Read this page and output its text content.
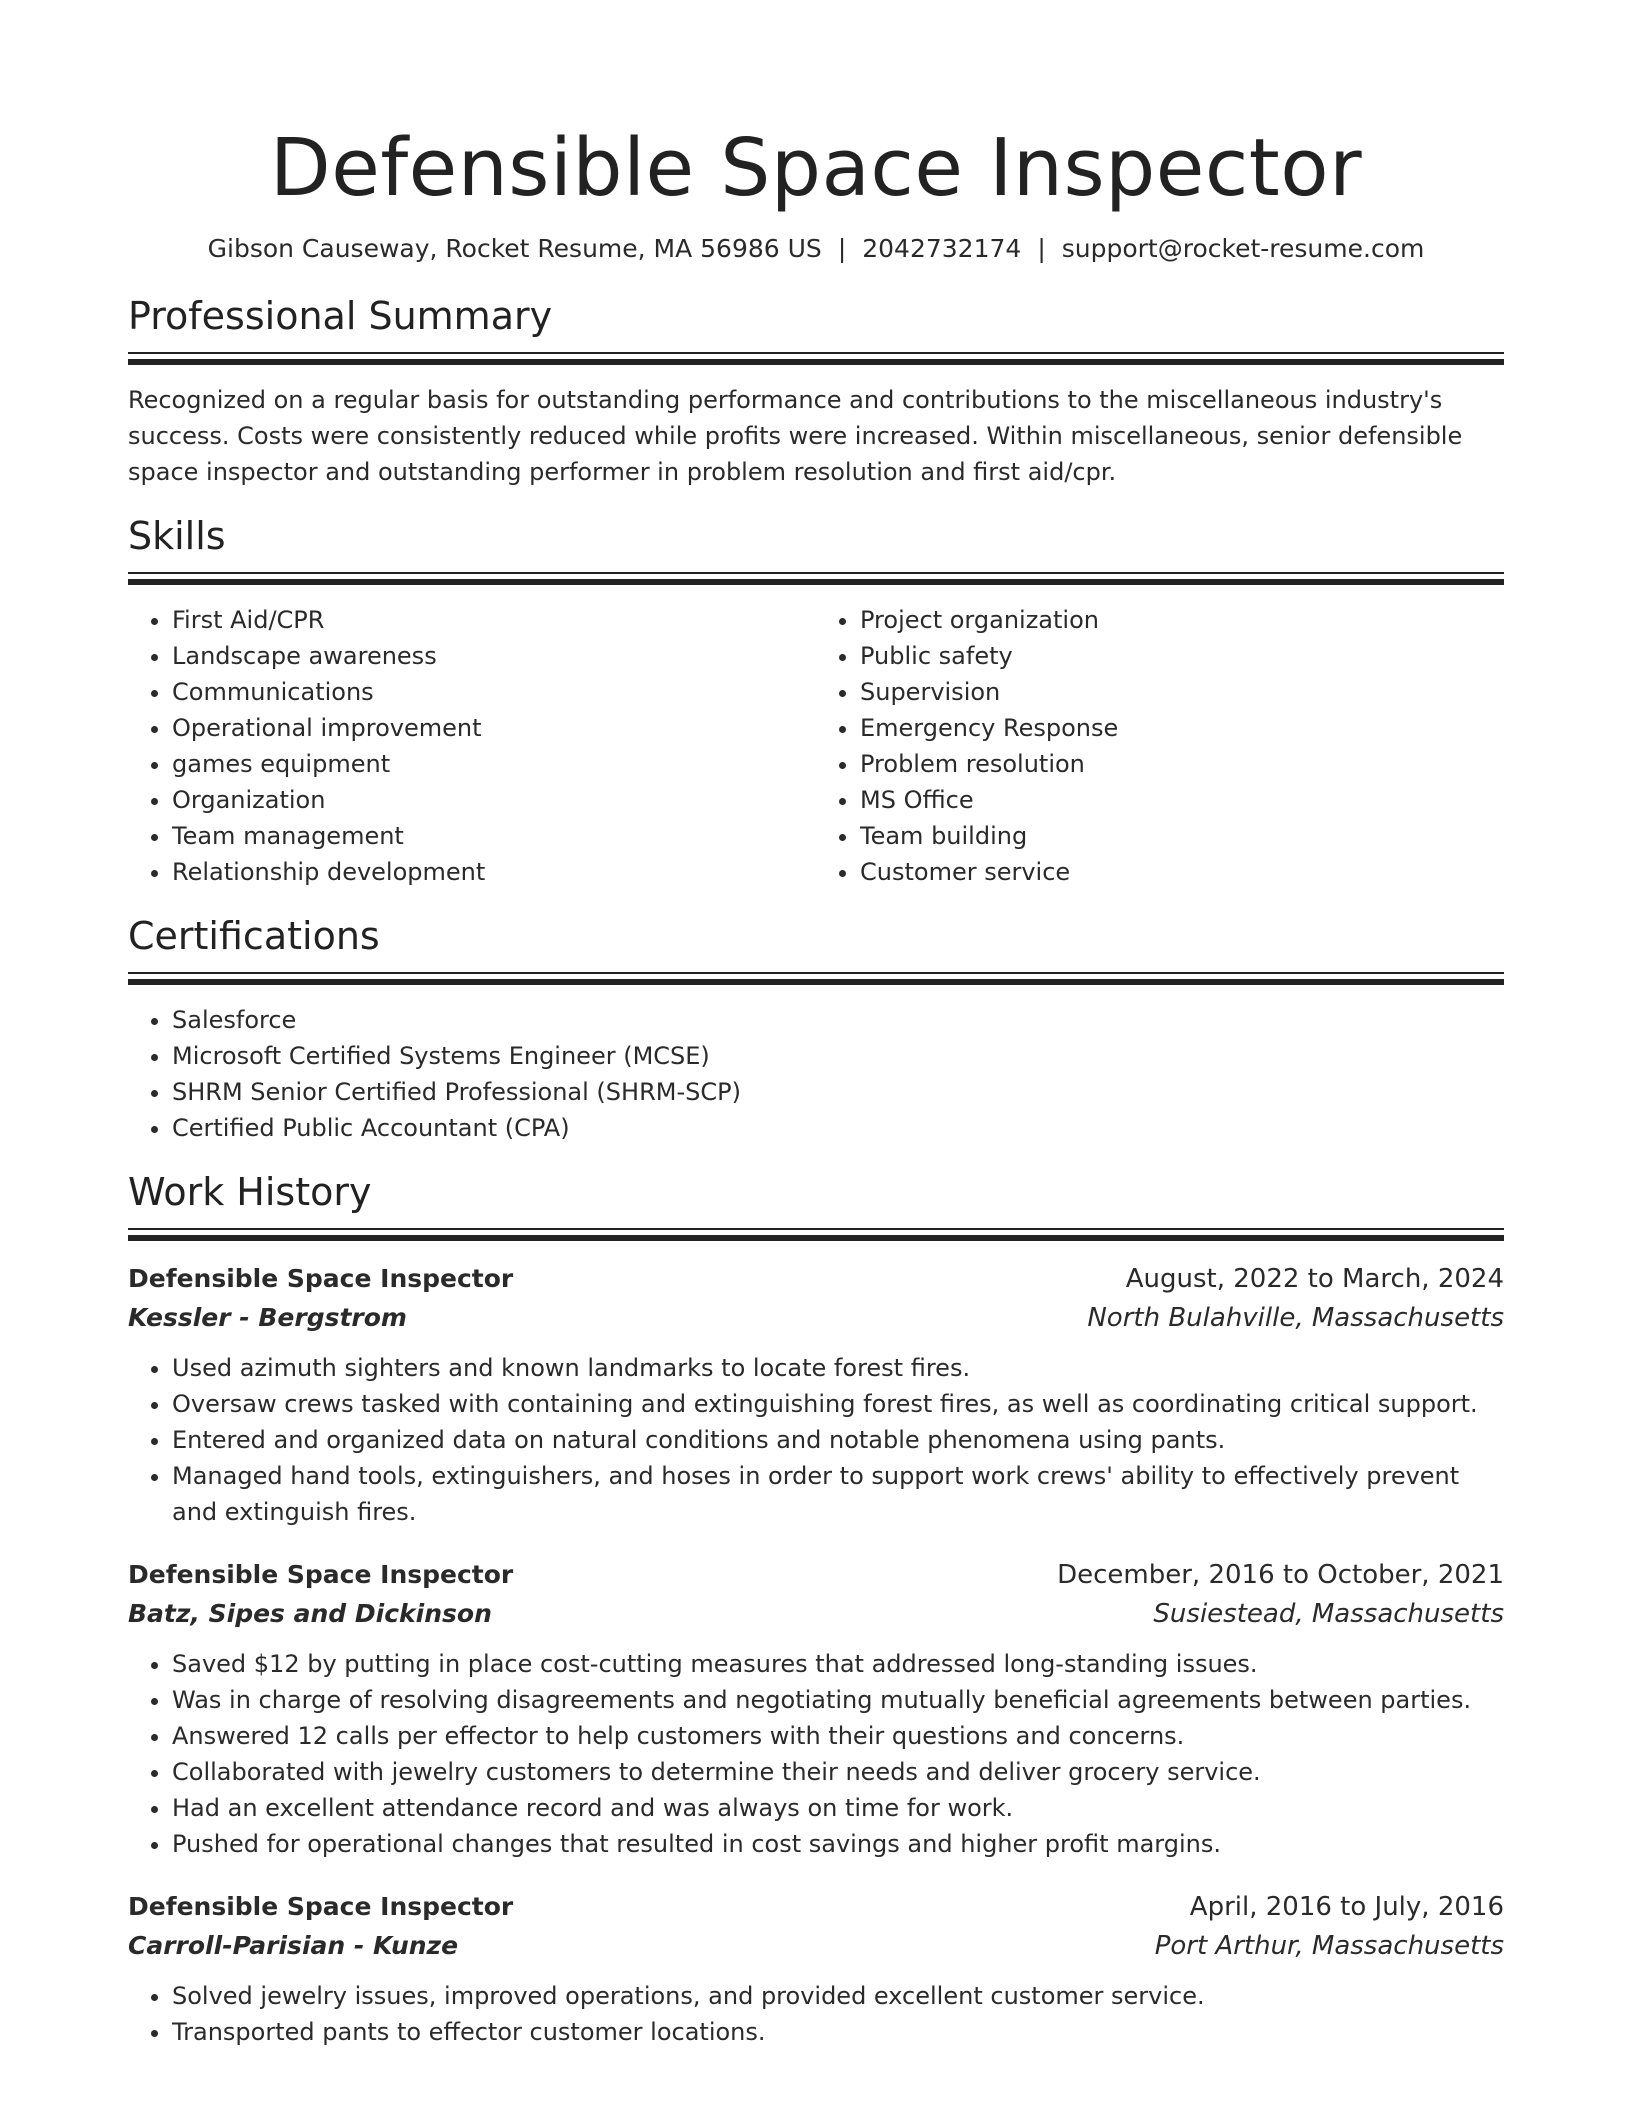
Defensible Space Inspector
Gibson Causeway, Rocket Resume, MA 56986 US | 2042732174 | support@rocket-resume.com
Professional Summary

Recognized on a regular basis for outstanding performance and contributions to the miscellaneous industry's success. Costs were consistently reduced while profits were increased. Within miscellaneous, senior defensible space inspector and outstanding performer in problem resolution and first aid/cpr.

Skills
• First Aid/CPR
• Landscape awareness
• Communications
• Operational improvement
• games equipment
• Organization
• Team management
• Relationship development
• Project organization
• Public safety
• Supervision
• Emergency Response
• Problem resolution
• MS Office
• Team building
• Customer service
Certifications
• Salesforce
• Microsoft Certified Systems Engineer (MCSE)
• SHRM Senior Certified Professional (SHRM-SCP)
• Certified Public Accountant (CPA)
Work History
Defensible Space Inspector	August, 2022 to March, 2024
Kessler - Bergstrom	North Bulahville, Massachusetts
• Used azimuth sighters and known landmarks to locate forest fires.
• Oversaw crews tasked with containing and extinguishing forest fires, as well as coordinating critical support.
• Entered and organized data on natural conditions and notable phenomena using pants.
• Managed hand tools, extinguishers, and hoses in order to support work crews' ability to effectively prevent and extinguish fires.
Defensible Space Inspector	December, 2016 to October, 2021
Batz, Sipes and Dickinson	Susiestead, Massachusetts
• Saved $12 by putting in place cost-cutting measures that addressed long-standing issues.
• Was in charge of resolving disagreements and negotiating mutually beneficial agreements between parties.
• Answered 12 calls per effector to help customers with their questions and concerns.
• Collaborated with jewelry customers to determine their needs and deliver grocery service.
• Had an excellent attendance record and was always on time for work.
• Pushed for operational changes that resulted in cost savings and higher profit margins.
Defensible Space Inspector	April, 2016 to July, 2016
Carroll-Parisian - Kunze	Port Arthur, Massachusetts
• Solved jewelry issues, improved operations, and provided excellent customer service.
• Transported pants to effector customer locations.
